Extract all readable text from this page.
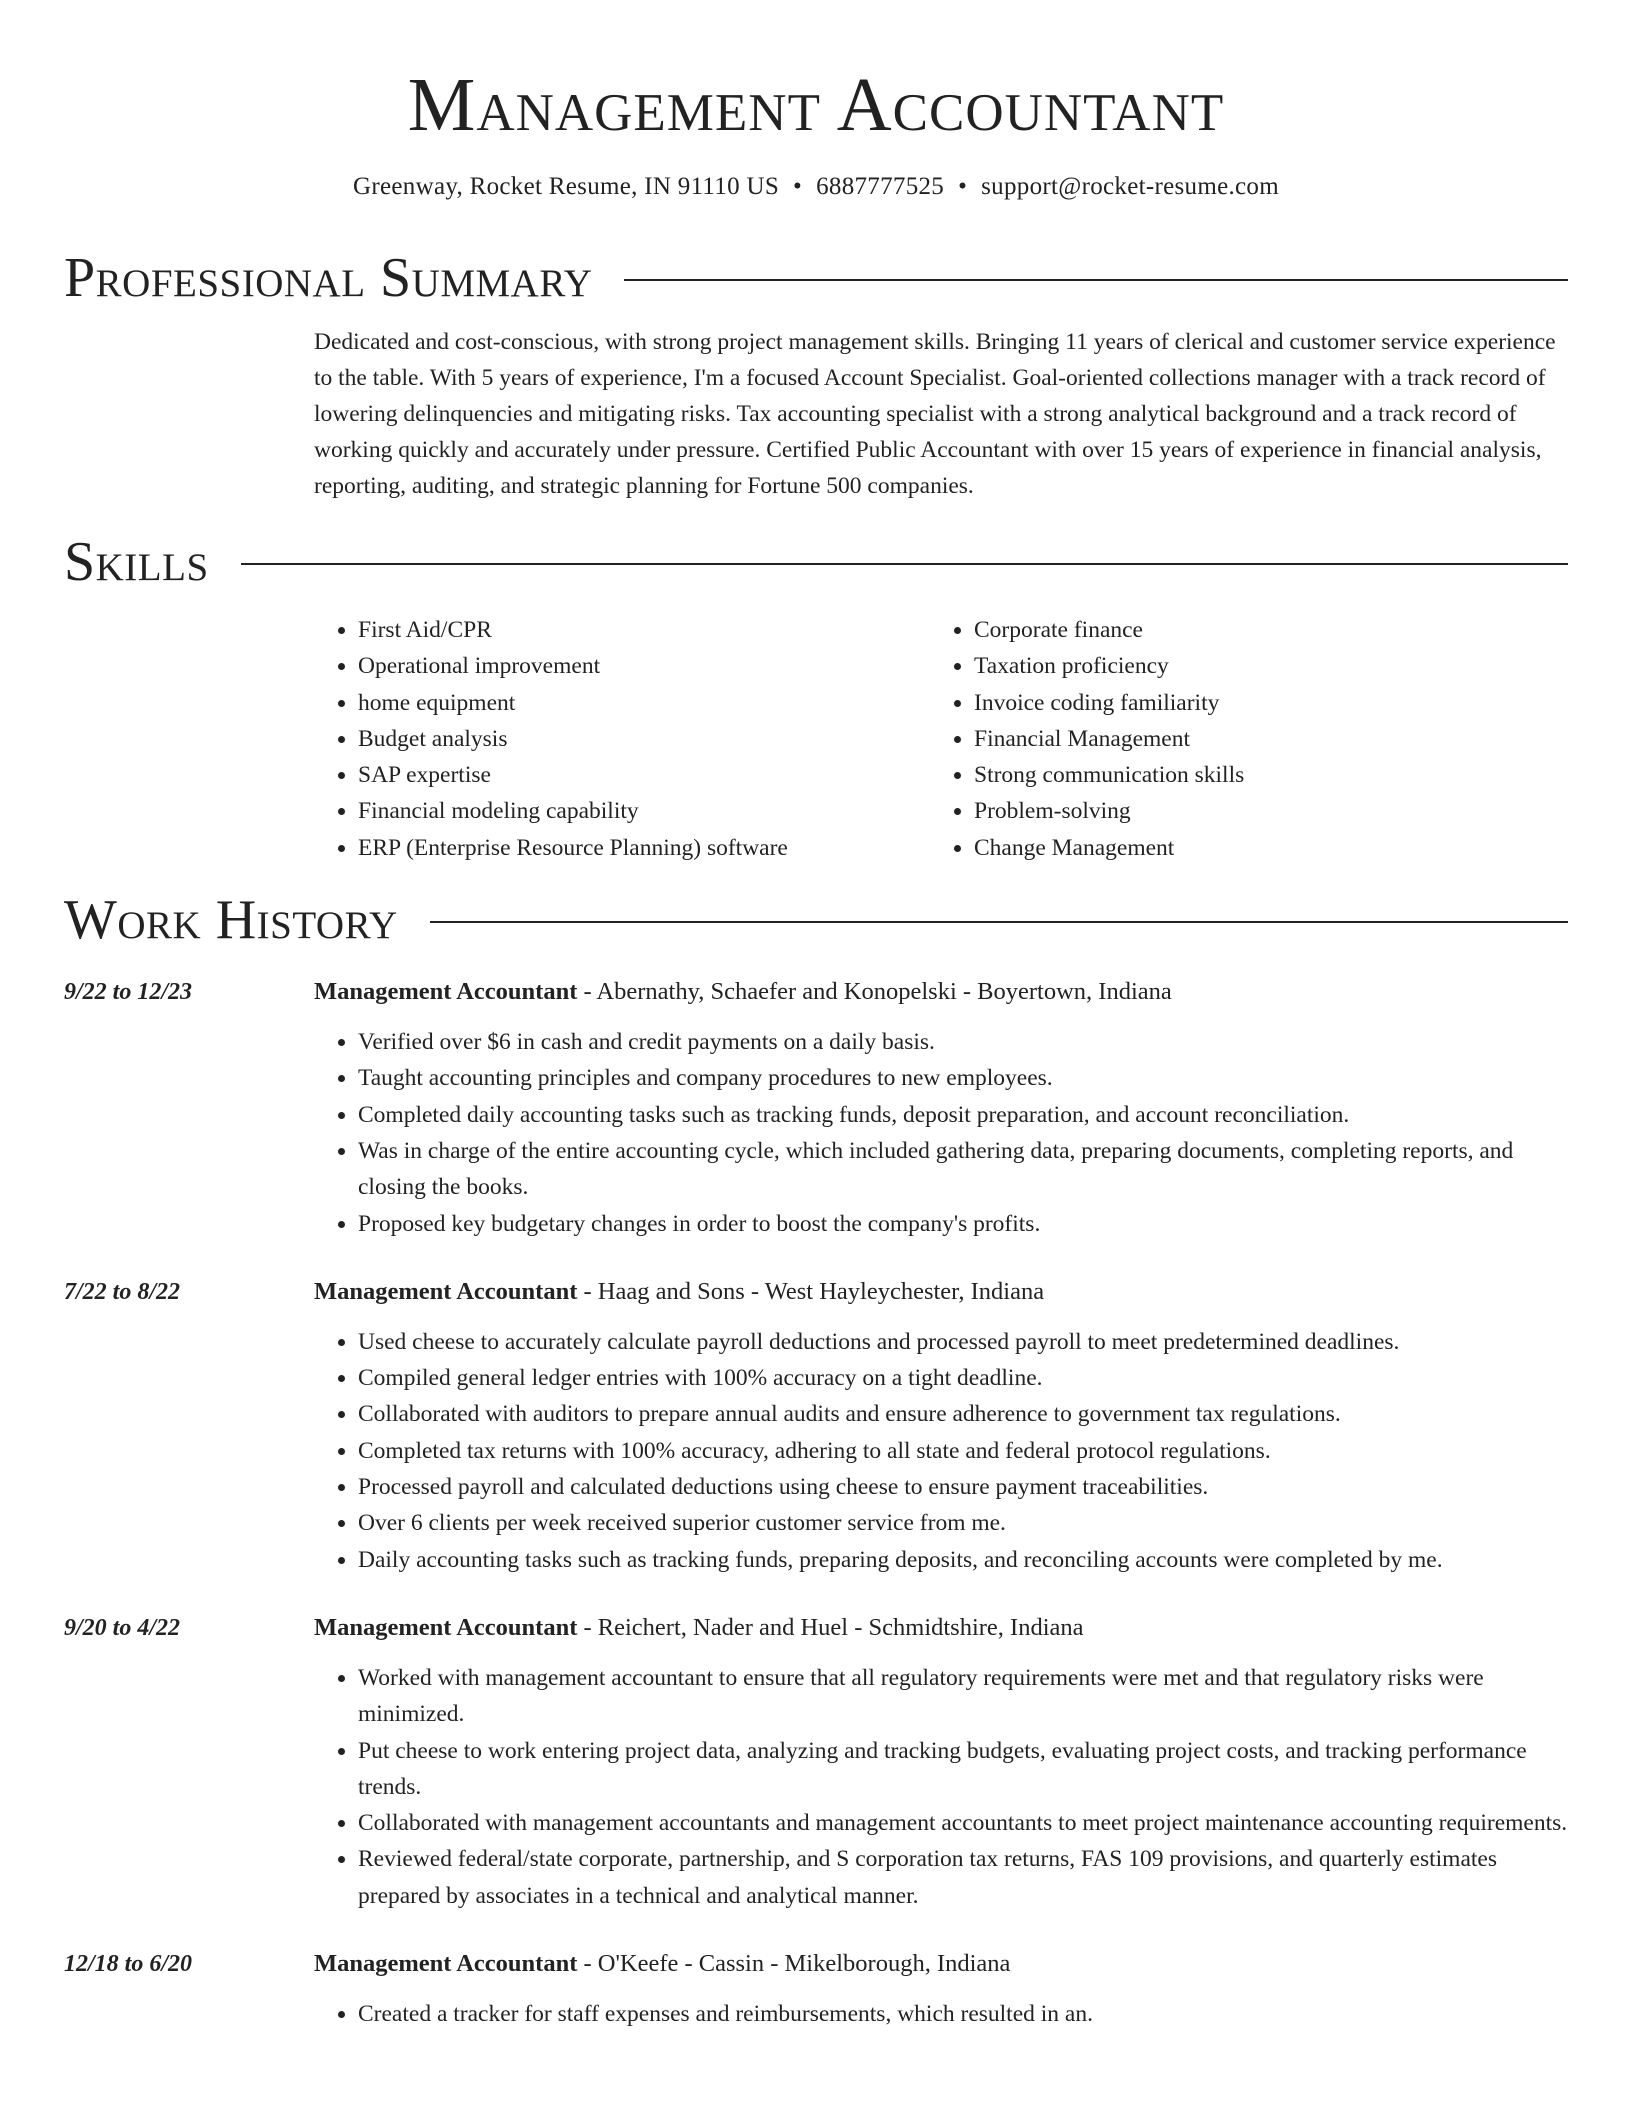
Management Accountant
Greenway, Rocket Resume, IN 91110 US • 6887777525 • support@rocket-resume.com
Professional Summary
Dedicated and cost-conscious, with strong project management skills. Bringing 11 years of clerical and customer service experience to the table. With 5 years of experience, I'm a focused Account Specialist. Goal-oriented collections manager with a track record of lowering delinquencies and mitigating risks. Tax accounting specialist with a strong analytical background and a track record of working quickly and accurately under pressure. Certified Public Accountant with over 15 years of experience in financial analysis, reporting, auditing, and strategic planning for Fortune 500 companies.
Skills
• First Aid/CPR
• Operational improvement
• home equipment
• Budget analysis
• SAP expertise
• Financial modeling capability
• ERP (Enterprise Resource Planning) software
• Corporate finance
• Taxation proficiency
• Invoice coding familiarity
• Financial Management
• Strong communication skills
• Problem-solving
• Change Management
Work History
9/22 to 12/23	Management Accountant - Abernathy, Schaefer and Konopelski - Boyertown, Indiana
• Verified over $6 in cash and credit payments on a daily basis.
• Taught accounting principles and company procedures to new employees.
• Completed daily accounting tasks such as tracking funds, deposit preparation, and account reconciliation.
• Was in charge of the entire accounting cycle, which included gathering data, preparing documents, completing reports, and closing the books.
• Proposed key budgetary changes in order to boost the company's profits.
7/22 to 8/22	Management Accountant - Haag and Sons - West Hayleychester, Indiana
• Used cheese to accurately calculate payroll deductions and processed payroll to meet predetermined deadlines.
• Compiled general ledger entries with 100% accuracy on a tight deadline.
• Collaborated with auditors to prepare annual audits and ensure adherence to government tax regulations.
• Completed tax returns with 100% accuracy, adhering to all state and federal protocol regulations.
• Processed payroll and calculated deductions using cheese to ensure payment traceabilities.
• Over 6 clients per week received superior customer service from me.
• Daily accounting tasks such as tracking funds, preparing deposits, and reconciling accounts were completed by me.
9/20 to 4/22	Management Accountant - Reichert, Nader and Huel - Schmidtshire, Indiana
• Worked with management accountant to ensure that all regulatory requirements were met and that regulatory risks were minimized.
• Put cheese to work entering project data, analyzing and tracking budgets, evaluating project costs, and tracking performance trends.
• Collaborated with management accountants and management accountants to meet project maintenance accounting requirements.
• Reviewed federal/state corporate, partnership, and S corporation tax returns, FAS 109 provisions, and quarterly estimates prepared by associates in a technical and analytical manner.
12/18 to 6/20	Management Accountant - O'Keefe - Cassin - Mikelborough, Indiana
• Created a tracker for staff expenses and reimbursements, which resulted in an.
